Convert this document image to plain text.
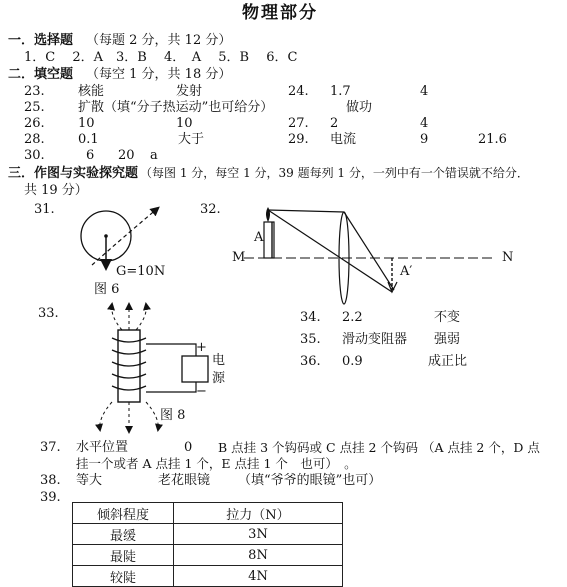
物理部分
一．选择题 （每题 2 分，共 12 分）
1．C　 2．A　3．B　 4．　A　 5．B　 6．C
二．填空题 （每空 1 分，共 18 分）
23.	核能	发射	24. 1.7	4
25.	扩散（填“分子热运动”也可给分）	做功
26.	10	10	27. 2	4
28.	0.1	大于	29. 电流	9	21.6
30.	6 20 a
三．作图与实验探究题 （每图 1 分，每空 1 分，39 题每列 1 分，一列中有一个错误就不给分．
共 19 分）
31.
G=10N
图 6
32.
A
M
A′
N
33.
+
−
电源
图 8
34. 2.2	不变
35. 滑动变阻器 强弱
36. 0.9	成正比
37. 水平位置	0 B 点挂 3 个钩码或 C 点挂 2 个钩码 （A 点挂 2 个，D 点
挂一个或者 A 点挂 1 个，E 点挂 1 个　也可）　。
38. 等大	老花眼镜 （填“爷爷的眼镜”也可）
39.
倾斜程度	拉力（N）
最缓	3N
最陡	8N
较陡	4N
